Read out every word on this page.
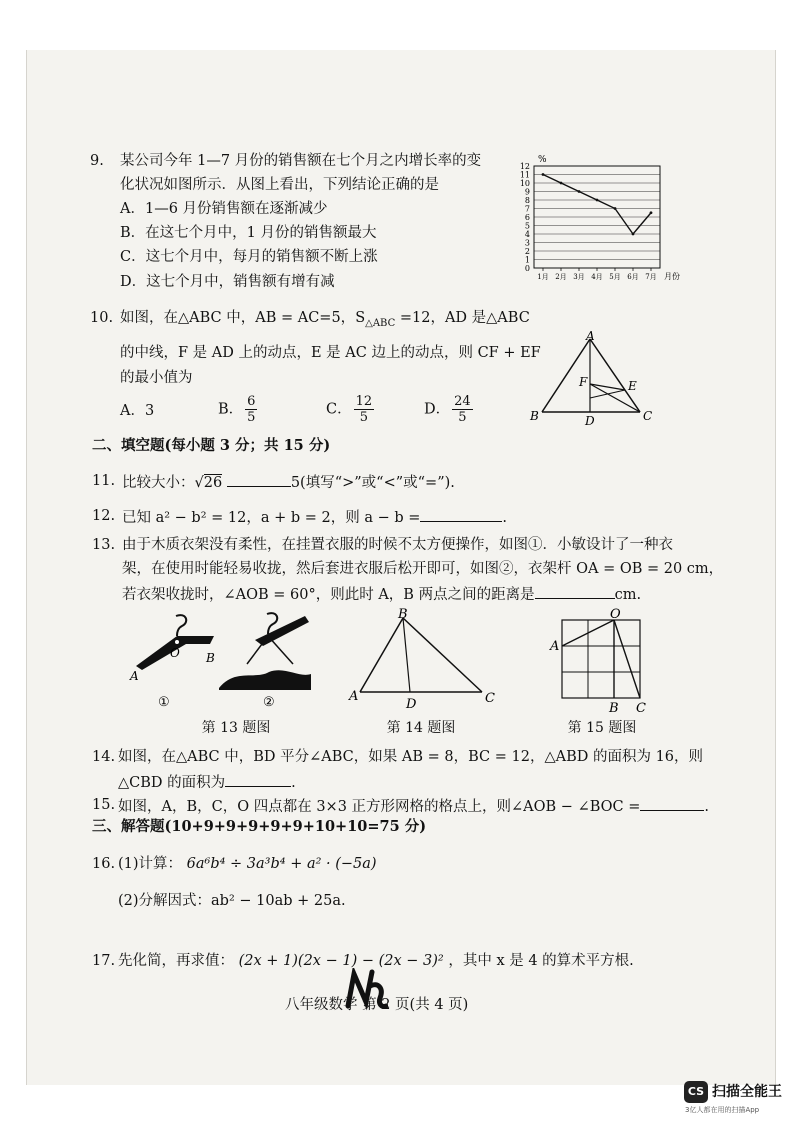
9. 某公司今年 1—7 月份的销售额在七个月之内增长率的变
化状况如图所示．从图上看出，下列结论正确的是
A．1—6 月份销售额在逐渐减少
B．在这七个月中，1 月份的销售额最大
C．这七个月中，每月的销售额不断上涨
D．这七个月中，销售额有增有减
0
1
2
3
4
5
6
7
8
9
10
11
12
%
1月 2月 3月 4月 5月 6月 7月 月份
10. 如图，在△ABC 中，AB = AC=5，$S_{\triangle ABC} =12$，AD 是△ABC
的中线，F 是 AD 上的动点，E 是 AC 边上的动点，则 CF + EF
的最小值为
A．3	B． $\frac{6}{5}$	C． $\frac{12}{5}$	D． $\frac{24}{5}$
A
B	C
D
E
F
二、填空题(每小题 3 分；共 15 分)
11. 比较大小：√26	5(填写“>”或“<”或“=”).
12. 已知 a² − b² = 12，a + b = 2，则 a − b =	.
13. 由于木质衣架没有柔性，在挂置衣服的时候不太方便操作，如图①．小敏设计了一种衣
架，在使用时能轻易收拢，然后套进衣服后松开即可，如图②，衣架杆 OA = OB = 20 cm，
若衣架收拢时，∠AOB = 60°，则此时 A，B 两点之间的距离是	cm.
O
A
B
①	②
第 13 题图
B
A	C
D
第 14 题图
O
A
B C
第 15 题图
14. 如图，在△ABC 中，BD 平分∠ABC，如果 AB = 8，BC = 12，△ABD 的面积为 16，则
△CBD 的面积为	.
15. 如图，A，B，C，O 四点都在 3×3 正方形网格的格点上，则∠AOB − ∠BOC =	.
三、解答题(10+9+9+9+9+9+10+10=75 分)
16. (1)计算： 6a⁶b⁴ ÷ 3a³b⁴ + a² · (−5a)
(2)分解因式：ab² − 10ab + 25a.
17. 先化简，再求值： (2x + 1)(2x − 1) − (2x − 3)² ，其中 x 是 4 的算术平方根.
八年级数学 第 2 页(共 4 页)
CS 扫描全能王
3亿人都在用的扫描App
